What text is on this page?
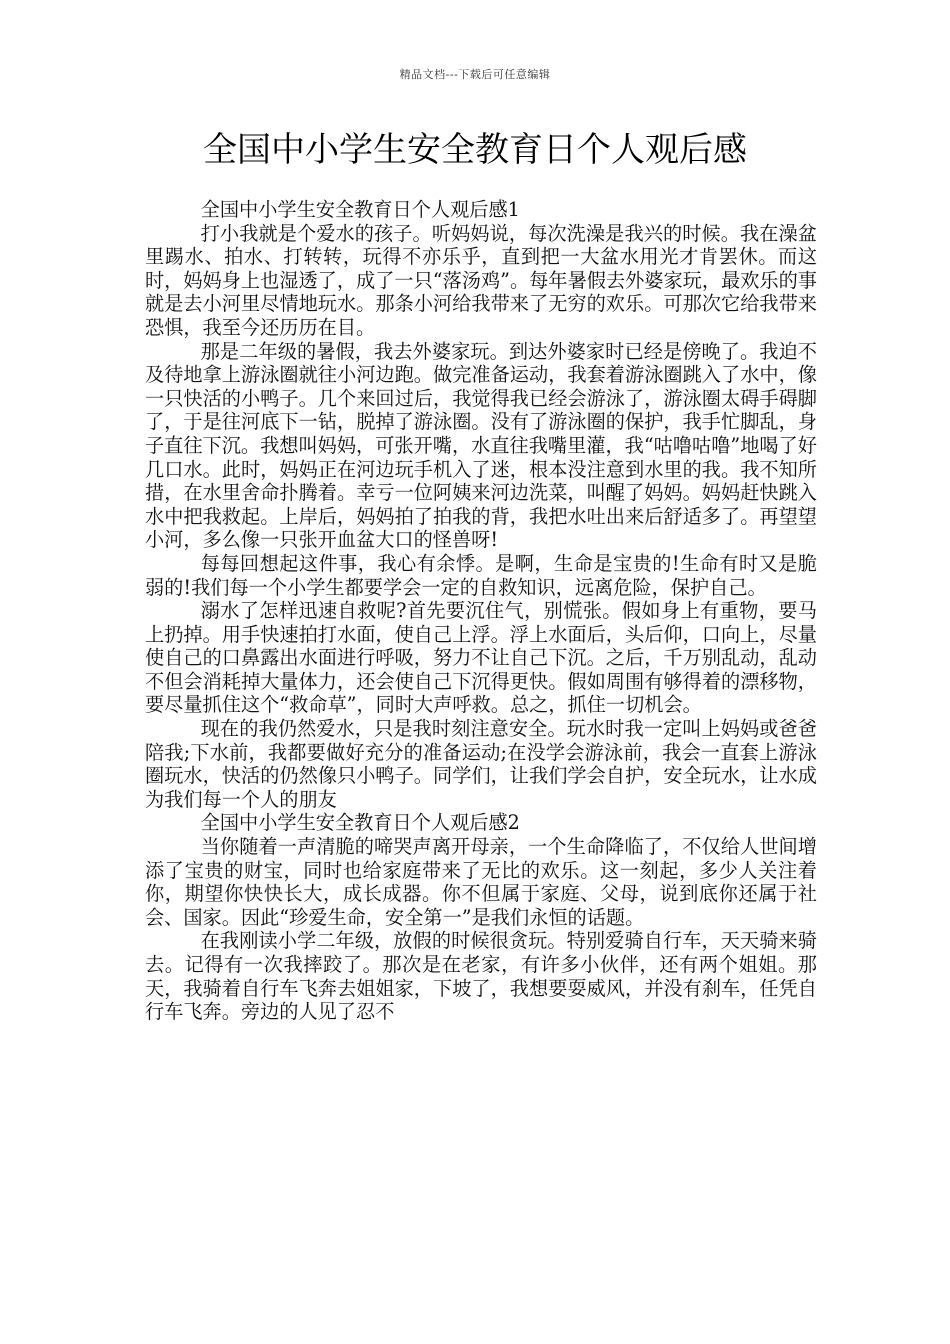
精品文档---下载后可任意编辑
全国中小学生安全教育日个人观后感

全国中小学生安全教育日个人观后感1

打小我就是个爱水的孩子。听妈妈说，每次洗澡是我兴的时候。我在澡盆里踢水、拍水、打转转，玩得不亦乐乎，直到把一大盆水用光才肯罢休。而这时，妈妈身上也湿透了，成了一只“落汤鸡”。每年暑假去外婆家玩，最欢乐的事就是去小河里尽情地玩水。那条小河给我带来了无穷的欢乐。可那次它给我带来恐惧，我至今还历历在目。

那是二年级的暑假，我去外婆家玩。到达外婆家时已经是傍晚了。我迫不及待地拿上游泳圈就往小河边跑。做完准备运动，我套着游泳圈跳入了水中，像一只快活的小鸭子。几个来回过后，我觉得我已经会游泳了，游泳圈太碍手碍脚了，于是往河底下一钻，脱掉了游泳圈。没有了游泳圈的保护，我手忙脚乱，身子直往下沉。我想叫妈妈，可张开嘴，水直往我嘴里灌，我“咕噜咕噜”地喝了好几口水。此时，妈妈正在河边玩手机入了迷，根本没注意到水里的我。我不知所措，在水里舍命扑腾着。幸亏一位阿姨来河边洗菜，叫醒了妈妈。妈妈赶快跳入水中把我救起。上岸后，妈妈拍了拍我的背，我把水吐出来后舒适多了。再望望小河，多么像一只张开血盆大口的怪兽呀!

每每回想起这件事，我心有余悸。是啊，生命是宝贵的!生命有时又是脆弱的!我们每一个小学生都要学会一定的自救知识，远离危险，保护自己。

溺水了怎样迅速自救呢?首先要沉住气，别慌张。假如身上有重物，要马上扔掉。用手快速拍打水面，使自己上浮。浮上水面后，头后仰，口向上，尽量使自己的口鼻露出水面进行呼吸，努力不让自己下沉。之后，千万别乱动，乱动不但会消耗掉大量体力，还会使自己下沉得更快。假如周围有够得着的漂移物，要尽量抓住这个“救命草”，同时大声呼救。总之，抓住一切机会。

现在的我仍然爱水，只是我时刻注意安全。玩水时我一定叫上妈妈或爸爸陪我;下水前，我都要做好充分的准备运动;在没学会游泳前，我会一直套上游泳圈玩水，快活的仍然像只小鸭子。同学们，让我们学会自护，安全玩水，让水成为我们每一个人的朋友

全国中小学生安全教育日个人观后感2

当你随着一声清脆的啼哭声离开母亲，一个生命降临了，不仅给人世间增添了宝贵的财宝，同时也给家庭带来了无比的欢乐。这一刻起，多少人关注着你，期望你快快长大，成长成器。你不但属于家庭、父母，说到底你还属于社会、国家。因此“珍爱生命，安全第一”是我们永恒的话题。

在我刚读小学二年级，放假的时候很贪玩。特别爱骑自行车，天天骑来骑去。记得有一次我摔跤了。那次是在老家，有许多小伙伴，还有两个姐姐。那天，我骑着自行车飞奔去姐姐家，下坡了，我想要耍威风，并没有刹车，任凭自行车飞奔。旁边的人见了忍不
